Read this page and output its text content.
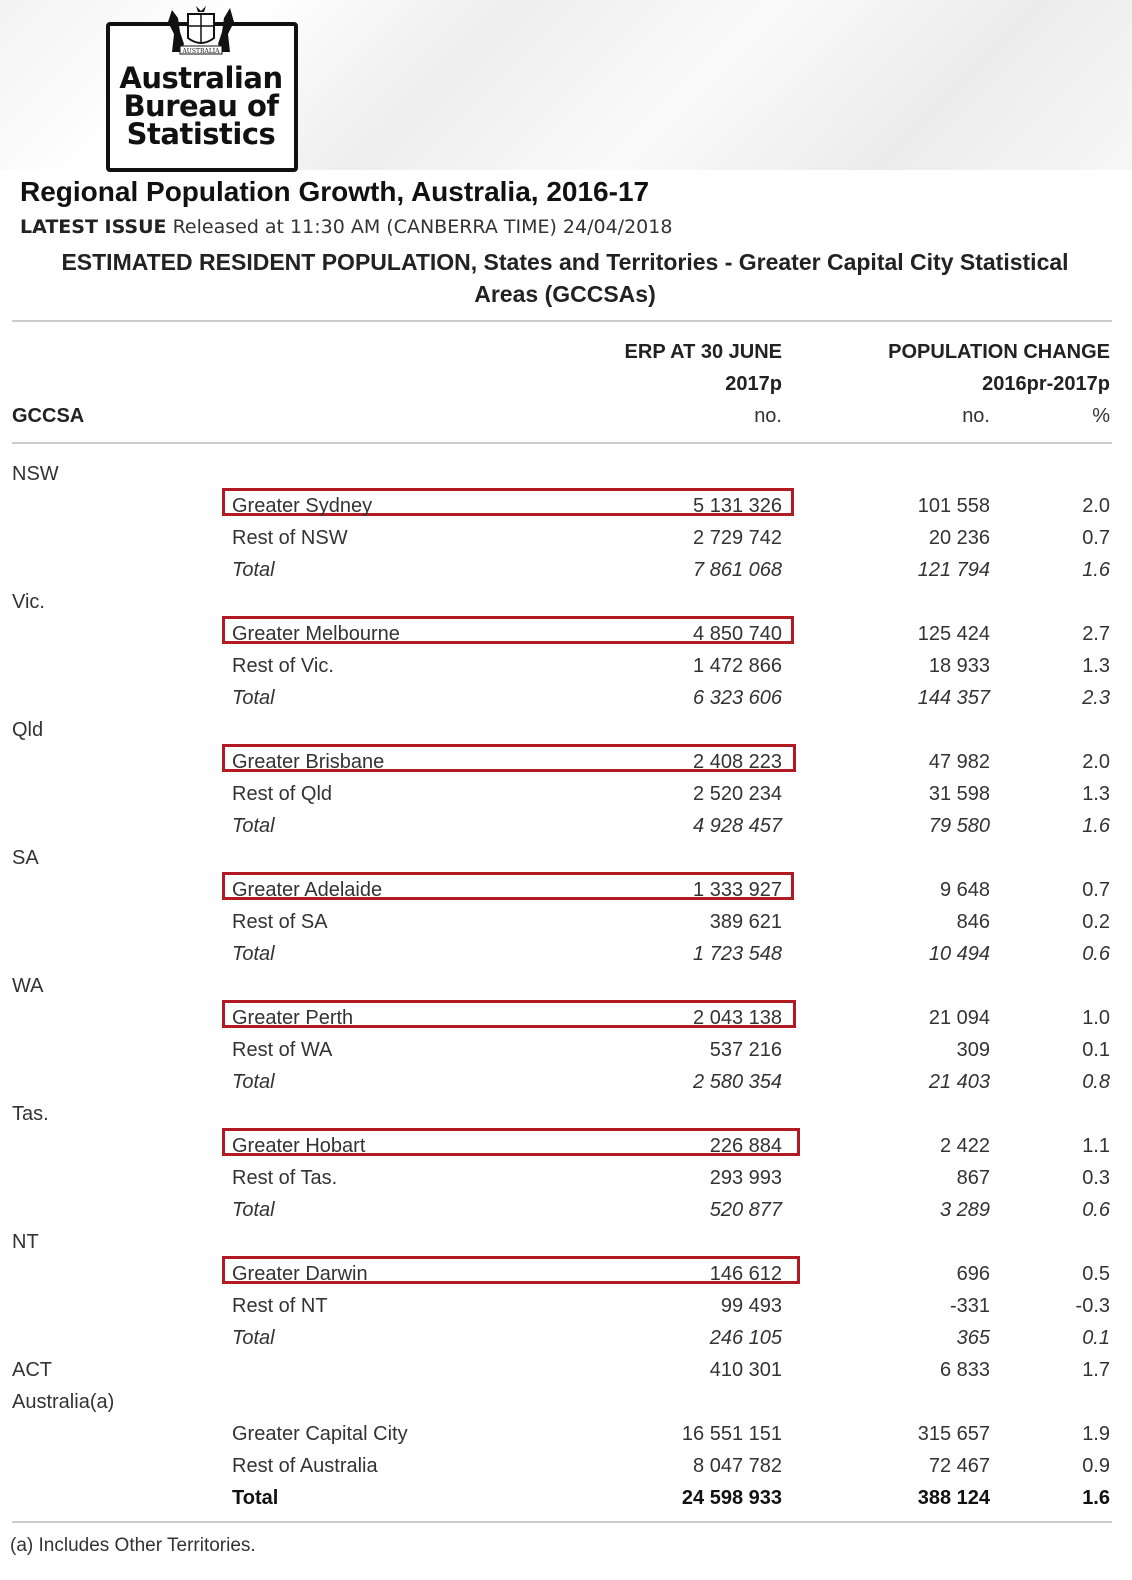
AUSTRALIA
Australian
Bureau of
Statistics
Regional Population Growth, Australia, 2016-17
LATEST ISSUE Released at 11:30 AM (CANBERRA TIME) 24/04/2018
ESTIMATED RESIDENT POPULATION, States and Territories - Greater Capital City Statistical
Areas (GCCSAs)
ERP AT 30 JUNE
2017p
POPULATION CHANGE
2016pr-2017p
GCCSA	no.	no.	%
NSW
Greater Sydney	5 131 326	101 558	2.0
Rest of NSW	2 729 742	20 236	0.7
Total	7 861 068	121 794	1.6
Vic.
Greater Melbourne	4 850 740	125 424	2.7
Rest of Vic.	1 472 866	18 933	1.3
Total	6 323 606	144 357	2.3
Qld
Greater Brisbane	2 408 223	47 982	2.0
Rest of Qld	2 520 234	31 598	1.3
Total	4 928 457	79 580	1.6
SA
Greater Adelaide	1 333 927	9 648	0.7
Rest of SA	389 621	846	0.2
Total	1 723 548	10 494	0.6
WA
Greater Perth	2 043 138	21 094	1.0
Rest of WA	537 216	309	0.1
Total	2 580 354	21 403	0.8
Tas.
Greater Hobart	226 884	2 422	1.1
Rest of Tas.	293 993	867	0.3
Total	520 877	3 289	0.6
NT
Greater Darwin	146 612	696	0.5
Rest of NT	99 493	-331	-0.3
Total	246 105	365	0.1
ACT	410 301	6 833	1.7
Australia(a)
Greater Capital City	16 551 151	315 657	1.9
Rest of Australia	8 047 782	72 467	0.9
Total	24 598 933	388 124	1.6
(a) Includes Other Territories.
